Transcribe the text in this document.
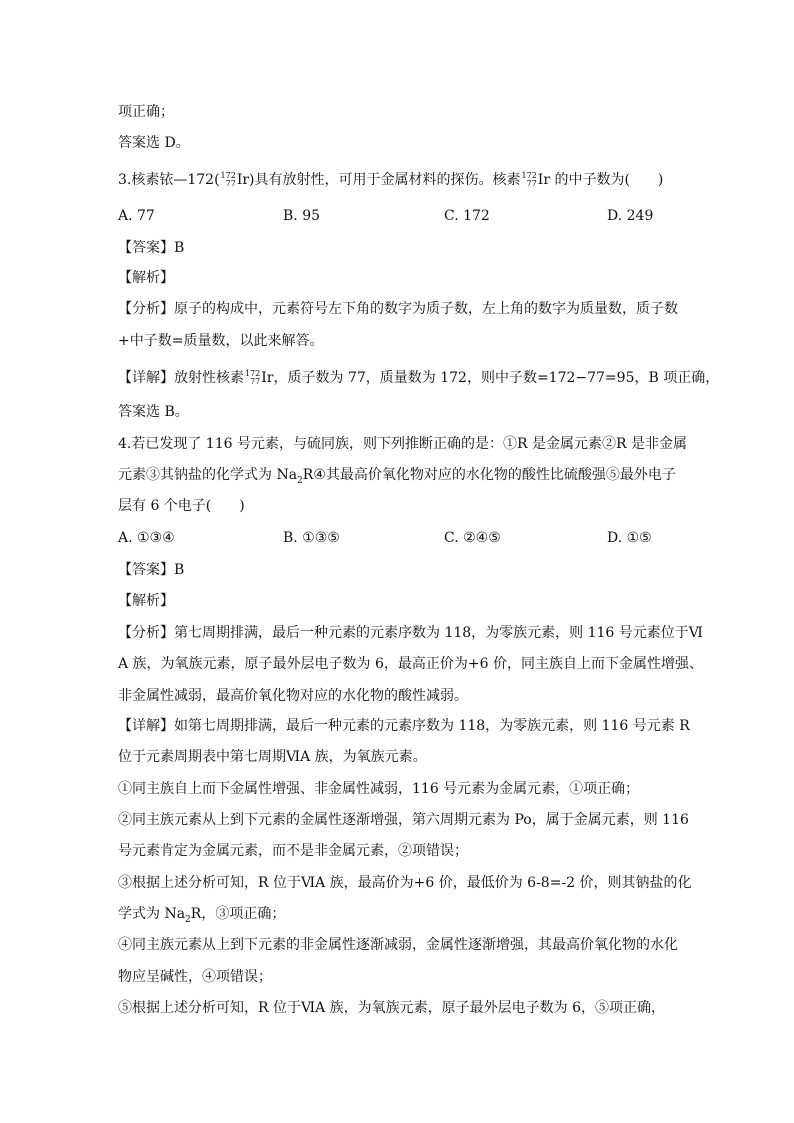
项正确；
答案选 D。
3.核素铱—172( 172
77 Ir)具有放射性，可用于金属材料的探伤。核素 172
77 Ir 的中子数为(　　)
A. 77	B. 95	C. 172	D. 249
【答案】B
【解析】
【分析】原子的构成中，元素符号左下角的数字为质子数，左上角的数字为质量数，质子数
+中子数=质量数，以此来解答。
【详解】放射性核素 172
77 Ir，质子数为 77，质量数为 172，则中子数=172−77=95，B 项正确，
答案选 B。
4.若已发现了 116 号元素，与硫同族，则下列推断正确的是：①R 是金属元素②R 是非金属
元素③其钠盐的化学式为 $Na_2R④$其最高价氧化物对应的水化物的酸性比硫酸强⑤最外电子
层有 6 个电子(　　)
A. ①③④	B. ①③⑤	C. ②④⑤	D. ①⑤
【答案】B
【解析】
【分析】第七周期排满，最后一种元素的元素序数为 118，为零族元素，则 116 号元素位于Ⅵ
A 族，为氧族元素，原子最外层电子数为 6，最高正价为+6 价，同主族自上而下金属性增强、
非金属性减弱，最高价氧化物对应的水化物的酸性减弱。
【详解】如第七周期排满，最后一种元素的元素序数为 118，为零族元素，则 116 号元素 R
位于元素周期表中第七周期ⅥA 族，为氧族元素。
①同主族自上而下金属性增强、非金属性减弱，116 号元素为金属元素，①项正确；
②同主族元素从上到下元素的金属性逐渐增强，第六周期元素为 Po，属于金属元素，则 116
号元素肯定为金属元素，而不是非金属元素，②项错误；
③根据上述分析可知，R 位于ⅥA 族，最高价为+6 价，最低价为 6-8=-2 价，则其钠盐的化
学式为 $Na_2R$，③项正确；
④同主族元素从上到下元素的非金属性逐渐减弱，金属性逐渐增强，其最高价氧化物的水化
物应呈碱性，④项错误；
⑤根据上述分析可知，R 位于ⅥA 族，为氧族元素，原子最外层电子数为 6，⑤项正确，
